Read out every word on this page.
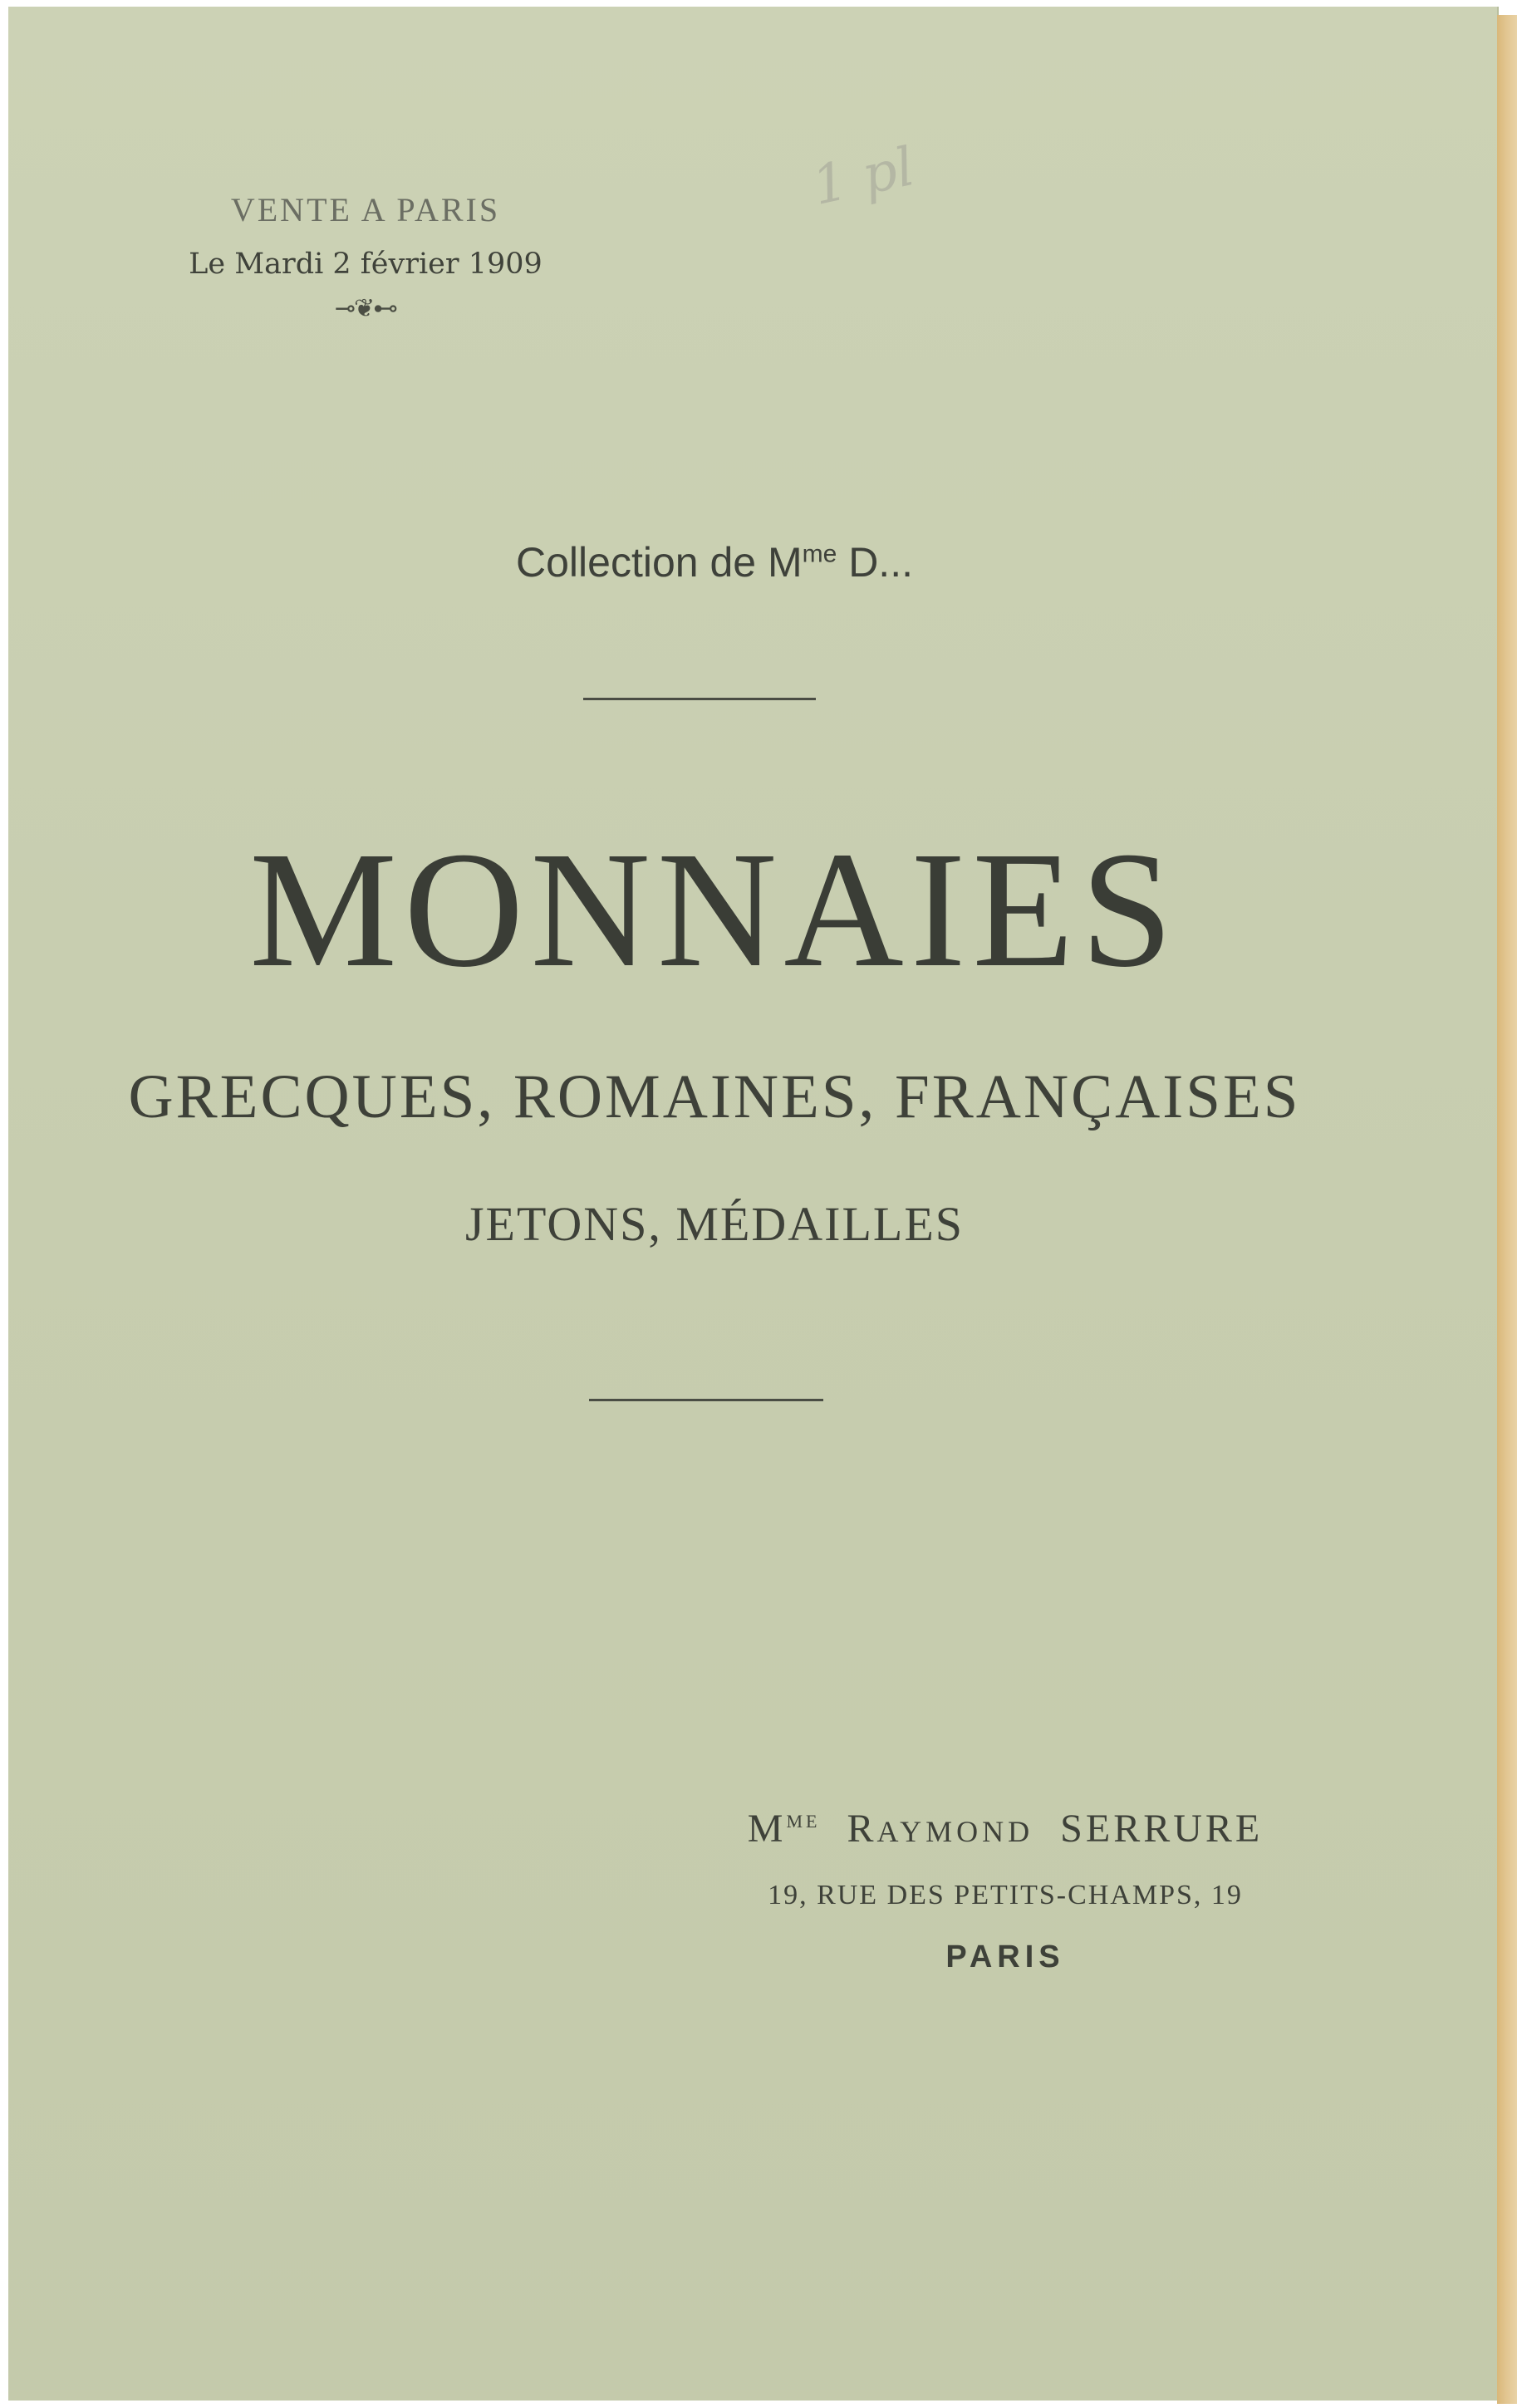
1 pl
VENTE A PARIS
Le Mardi 2 février 1909
⊸❦⊷
Collection de $M^{me}$ D...
MONNAIES
GRECQUES, ROMAINES, FRANÇAISES
JETONS, MÉDAILLES
$M^{ME}$ RAYMOND SERRURE
19, RUE DES PETITS-CHAMPS, 19
PARIS
